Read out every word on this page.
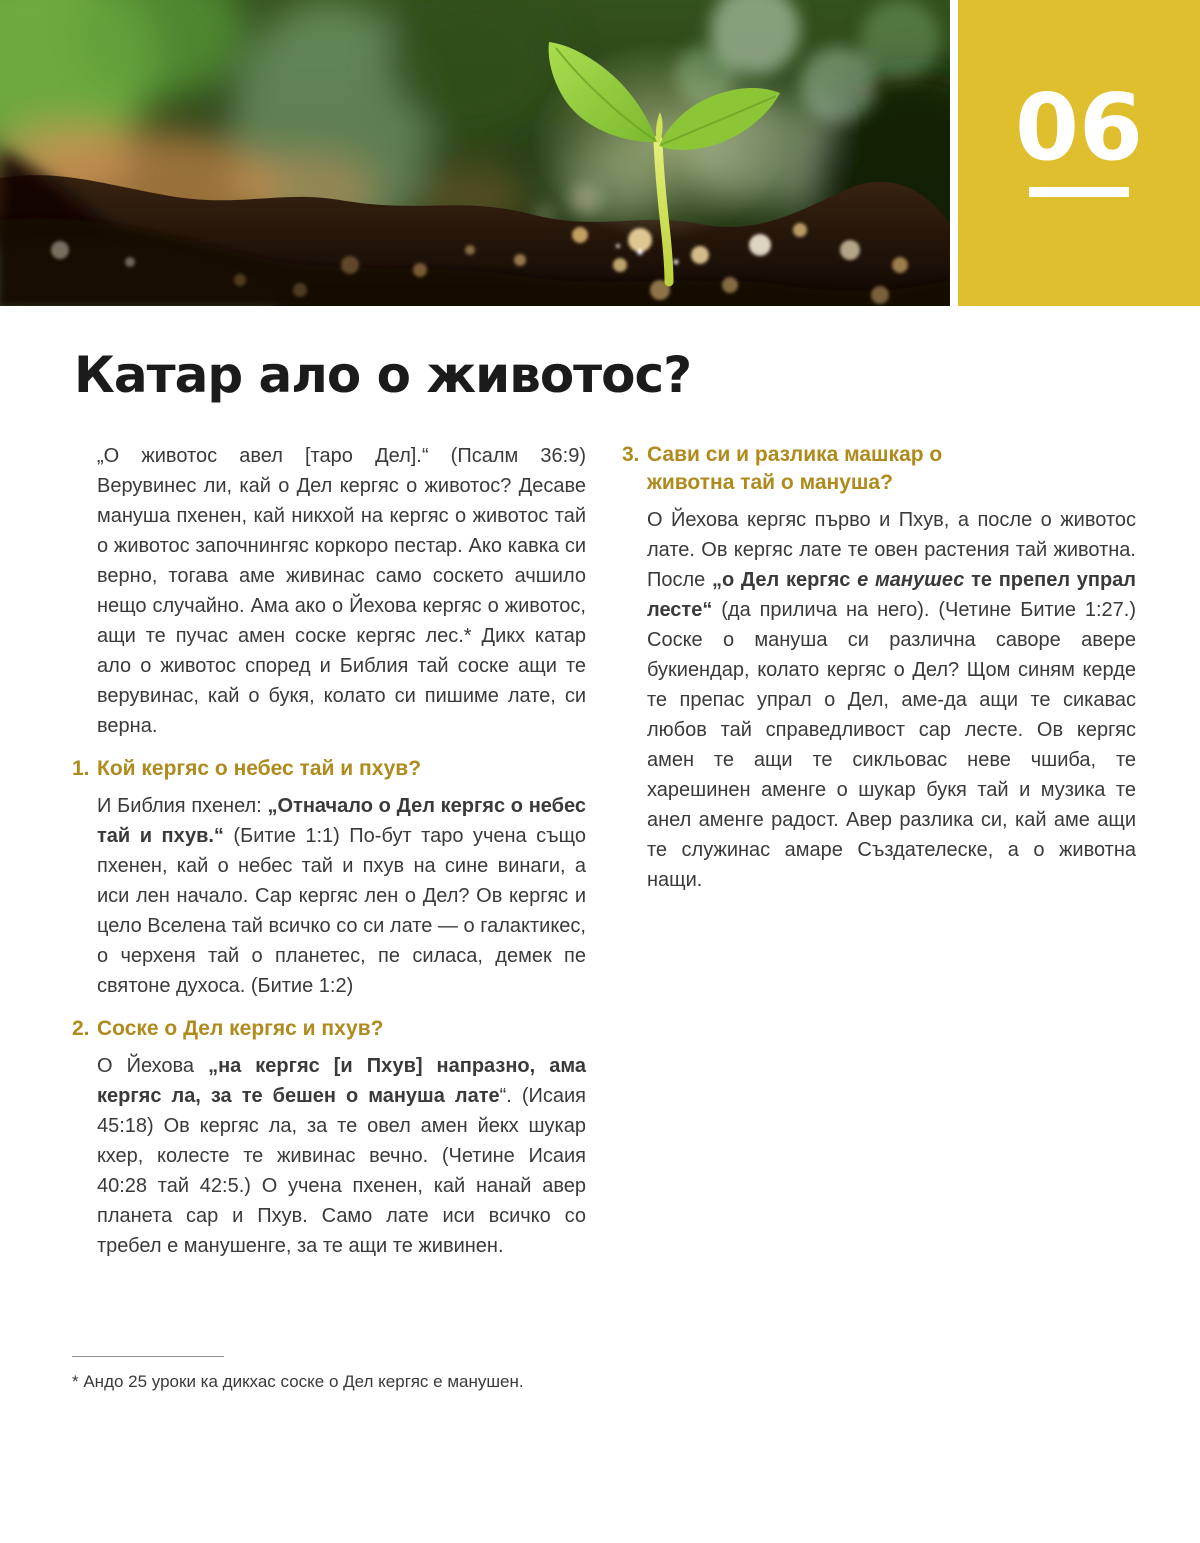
06
Катар ало о животос?

„О животос авел [таро Дел].“ (Псалм 36:9) Верувинес ли, кай о Дел кергяс о животос? Десаве мануша пхенен, кай никхой на кергяс о животос тай о животос започнингяс коркоро пестар. Ако кавка си верно, тогава аме живинас само соскето ачшило нещо случайно. Ама ако о Йехова кергяс о животос, ащи те пучас амен соске кергяс лес.* Дикх катар ало о животос според и Библия тай соске ащи те верувинас, кай о букя, колато си пишиме лате, си верна.

1. Кой кергяс о небес тай и пхув?

И Библия пхенел: „Отначало о Дел кергяс о небес тай и пхув.“ (Битие 1:1) По-бут таро учена също пхенен, кай о небес тай и пхув на сине винаги, а иси лен начало. Сар кергяс лен о Дел? Ов кергяс и цело Вселена тай всичко со си лате — о галактикес, о черхеня тай о планетес, пе силаса, демек пе святоне духоса. (Битие 1:2)

2. Соске о Дел кергяс и пхув?

О Йехова „на кергяс [и Пхув] напразно, ама кергяс ла, за те бешен о мануша лате“. (Исаия 45:18) Ов кергяс ла, за те овел амен йекх шукар кхер, колесте те живинас вечно. (Четине Исаия 40:28 тай 42:5.) О учена пхенен, кай нанай авер планета сар и Пхув. Само лате иси всичко со требел е манушенге, за те ащи те живинен.

3. Сави си и разлика машкар о животна тай о мануша?

О Йехова кергяс първо и Пхув, а после о животос лате. Ов кергяс лате те овен растения тай животна. После „о Дел кергяс е манушес те препел упрал лесте“ (да прилича на него). (Четине Битие 1:27.) Соске о мануша си различна саворе авере букиендар, колато кергяс о Дел? Щом синям керде те препас упрал о Дел, аме-да ащи те сикавас любов тай справедливост сар лесте. Ов кергяс амен те ащи те сикльовас неве чшиба, те харешинен аменге о шукар букя тай и музика те анел аменге радост. Авер разлика си, кай аме ащи те служинас амаре Създателеске, а о животна нащи.

* Андо 25 уроки ка дикхас соске о Дел кергяс е манушен.
